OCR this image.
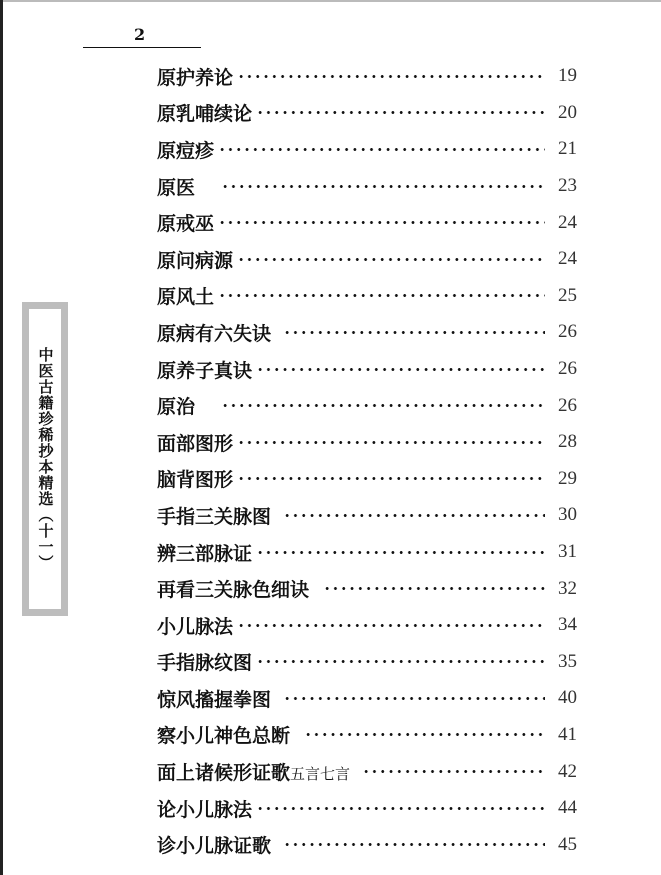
2
中医古籍珍稀抄本精选（十一）
原护养论	19
原乳哺续论	20
原痘疹	21
原医	23
原戒巫	24
原问病源	24
原风土	25
原病有六失诀	26
原养子真诀	26
原治	26
面部图形	28
脑背图形	29
手指三关脉图	30
辨三部脉证	31
再看三关脉色细诀	32
小儿脉法	34
手指脉纹图	35
惊风搐握拳图	40
察小儿神色总断	41
面上诸候形证歌五言七言	42
论小儿脉法	44
诊小儿脉证歌	45
